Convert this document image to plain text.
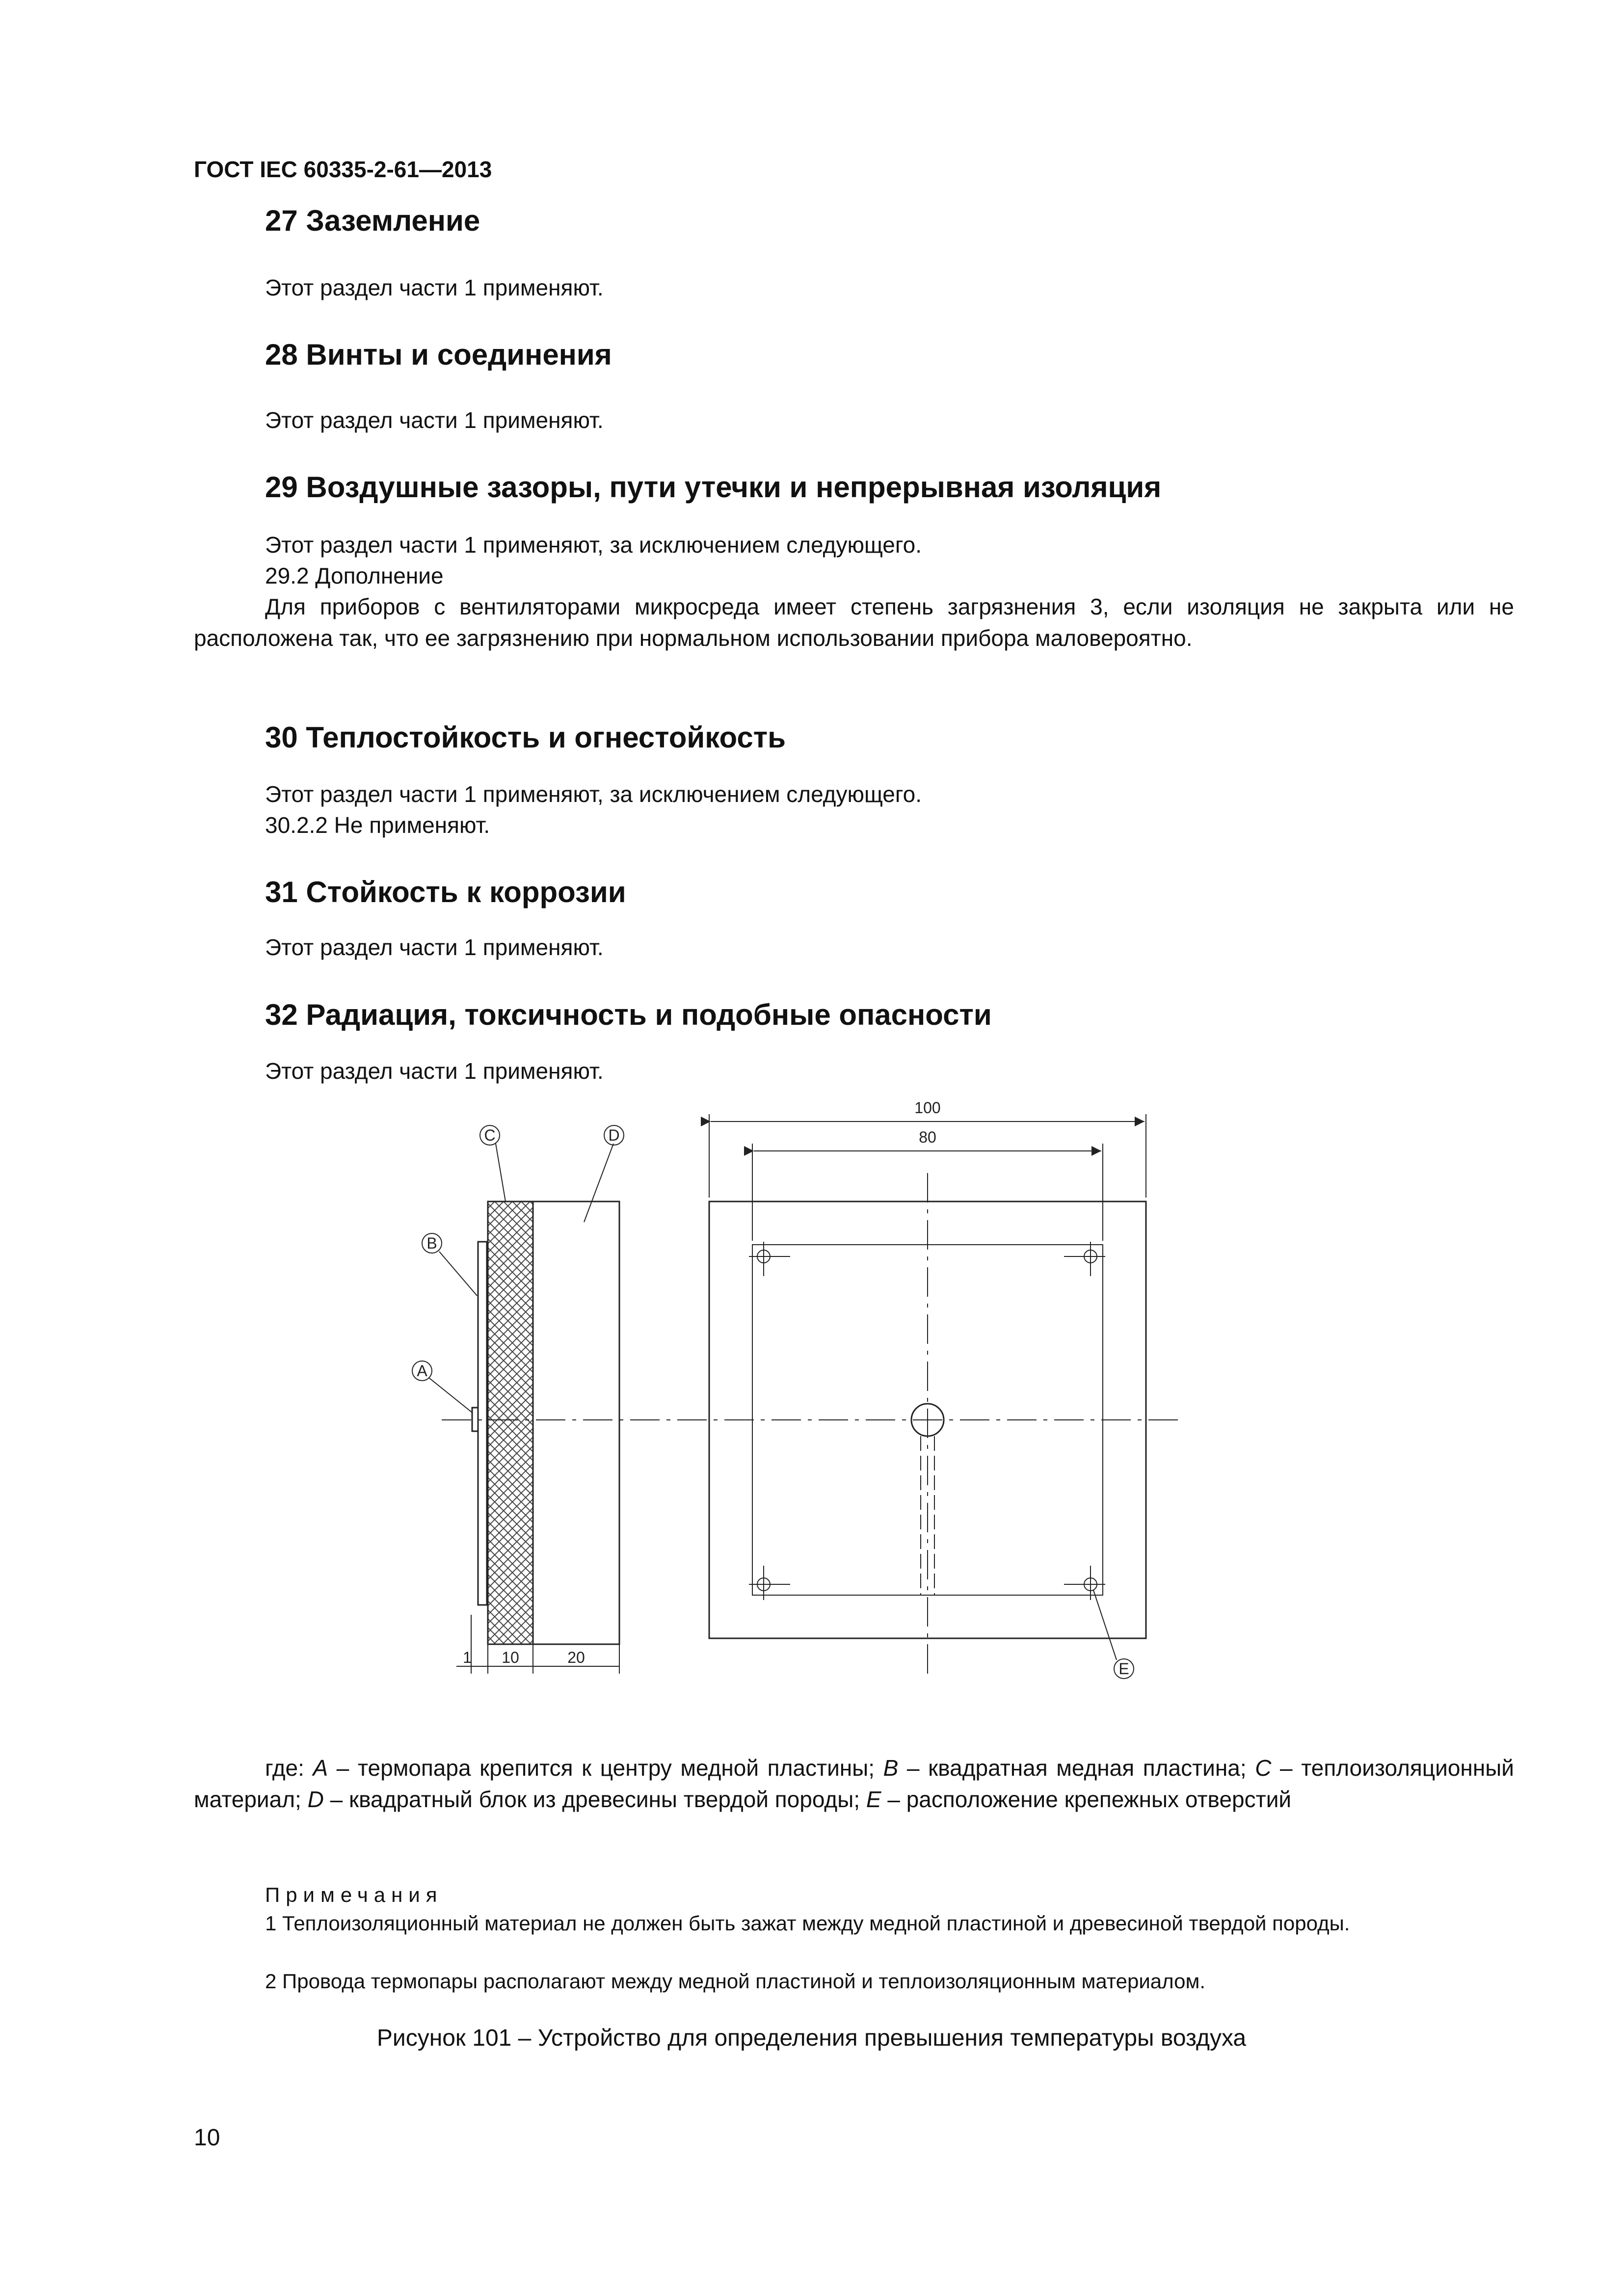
ГОСТ IEC 60335-2-61—2013
27 Заземление
Этот раздел части 1 применяют.
28 Винты и соединения
Этот раздел части 1 применяют.
29 Воздушные зазоры, пути утечки и непрерывная изоляция
Этот раздел части 1 применяют, за исключением следующего.
29.2 Дополнение
Для приборов с вентиляторами микросреда имеет степень загрязнения 3, если изоляция не закрыта или не расположена так, что ее загрязнению при нормальном использовании прибора маловероятно.
30 Теплостойкость и огнестойкость
Этот раздел части 1 применяют, за исключением следующего.
30.2.2 Не применяют.
31 Стойкость к коррозии
Этот раздел части 1 применяют.
32 Радиация, токсичность и подобные опасности
Этот раздел части 1 применяют.
C	D
B
A
1 10	20
100
80
E
где: A – термопара крепится к центру медной пластины; B – квадратная медная пластина; C – теплоизоляционный материал; D – квадратный блок из древесины твердой породы; E – расположение крепежных отверстий
Примечания
1 Теплоизоляционный материал не должен быть зажат между медной пластиной и древесиной твердой породы.
2 Провода термопары располагают между медной пластиной и теплоизоляционным материалом.
Рисунок 101 – Устройство для определения превышения температуры воздуха
10
